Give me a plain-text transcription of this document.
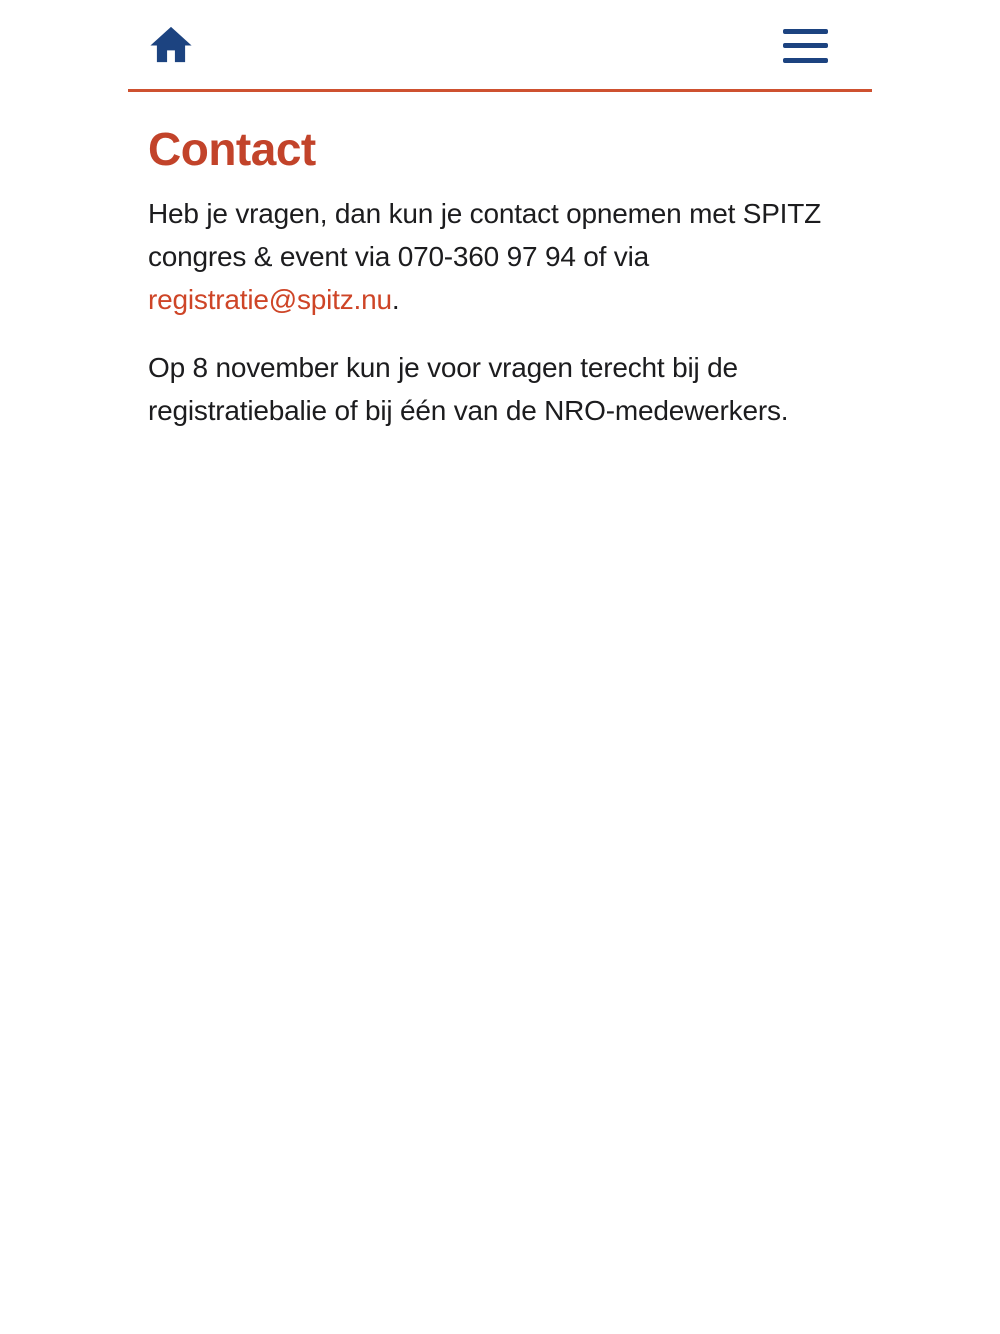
Contact

Heb je vragen, dan kun je contact opnemen met SPITZ congres & event via 070-360 97 94 of via registratie@spitz.nu.

Op 8 november kun je voor vragen terecht bij de registratiebalie of bij één van de NRO-medewerkers.
